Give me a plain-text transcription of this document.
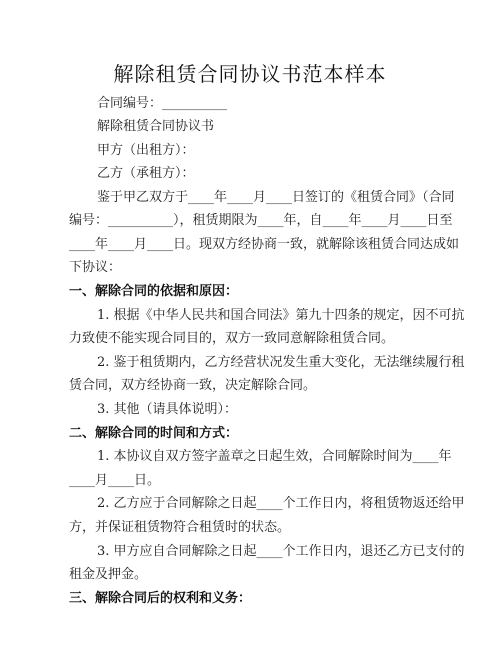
解除租赁合同协议书范本样本
合同编号：__________
解除租赁合同协议书
甲方（出租方）：
乙方（承租方）：
鉴于甲乙双方于____年____月____日签订的《租赁合同》（合同
编号：__________），租赁期限为____年，自____年____月____日至
____年____月____日。现双方经协商一致，就解除该租赁合同达成如
下协议：
一、解除合同的依据和原因：
1. 根据《中华人民共和国合同法》第九十四条的规定，因不可抗
力致使不能实现合同目的，双方一致同意解除租赁合同。
2. 鉴于租赁期内，乙方经营状况发生重大变化，无法继续履行租
赁合同，双方经协商一致，决定解除合同。
3. 其他（请具体说明）：
二、解除合同的时间和方式：
1. 本协议自双方签字盖章之日起生效，合同解除时间为____年
____月____日。
2. 乙方应于合同解除之日起____个工作日内，将租赁物返还给甲
方，并保证租赁物符合租赁时的状态。
3. 甲方应自合同解除之日起____个工作日内，退还乙方已支付的
租金及押金。
三、解除合同后的权利和义务：
